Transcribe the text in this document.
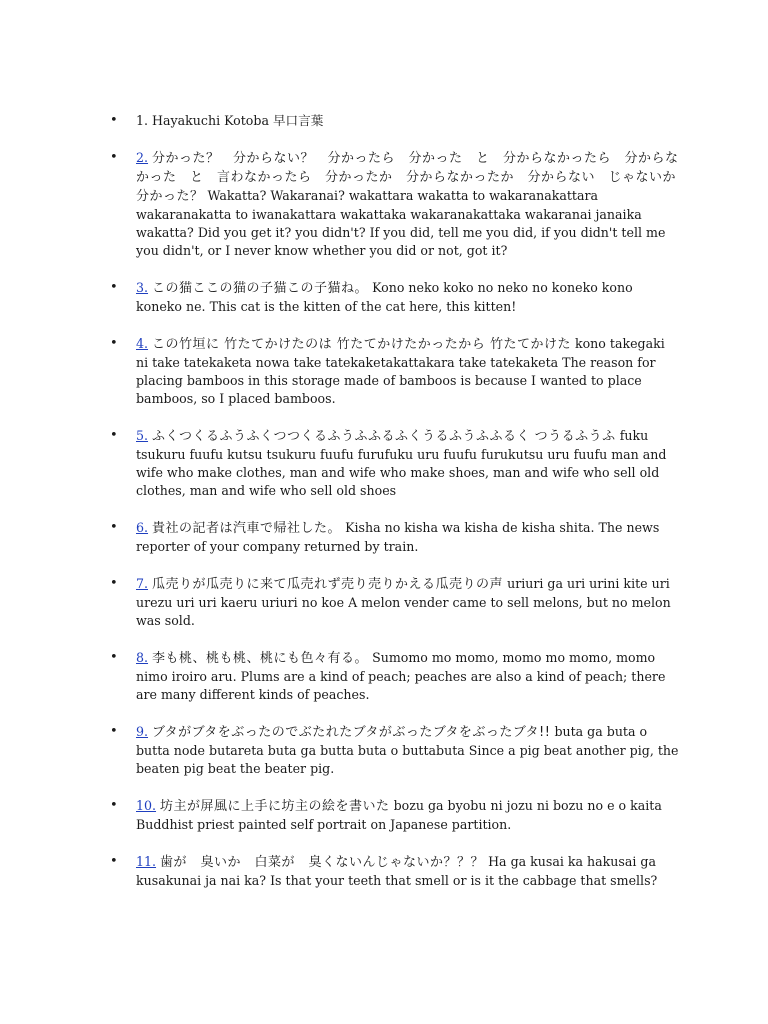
• 1. Hayakuchi Kotoba 早口言葉
• 2. 分かった？　分からない？　分かったら　分かった　と　分からなかったら　分からなかった　と　言わなかったら　分かったか　分からなかったか　分からない　じゃないか　分かった？ Wakatta? Wakaranai? wakattara wakatta to wakaranakattara wakaranakatta to iwanakattara wakattaka wakaranakattaka wakaranai janaika wakatta? Did you get it? you didn't? If you did, tell me you did, if you didn't tell me you didn't, or I never know whether you did or not, got it?
• 3. この猫ここの猫の子猫この子猫ね。 Kono neko koko no neko no koneko kono koneko ne. This cat is the kitten of the cat here, this kitten!
• 4. この竹垣に 竹たてかけたのは 竹たてかけたかったから 竹たてかけた kono takegaki ni take tatekaketa nowa take tatekaketakattakara take tatekaketa The reason for placing bamboos in this storage made of bamboos is because I wanted to place bamboos, so I placed bamboos.
• 5. ふくつくるふうふくつつくるふうふふるふくうるふうふふるく つうるふうふ fuku tsukuru fuufu kutsu tsukuru fuufu furufuku uru fuufu furukutsu uru fuufu man and wife who make clothes, man and wife who make shoes, man and wife who sell old clothes, man and wife who sell old shoes
• 6. 貴社の記者は汽車で帰社した。 Kisha no kisha wa kisha de kisha shita. The news reporter of your company returned by train.
• 7. 瓜売りが瓜売りに来て瓜売れず売り売りかえる瓜売りの声 uriuri ga uri urini kite uri urezu uri uri kaeru uriuri no koe A melon vender came to sell melons, but no melon was sold.
• 8. 李も桃、桃も桃、桃にも色々有る。 Sumomo mo momo, momo mo momo, momo nimo iroiro aru. Plums are a kind of peach; peaches are also a kind of peach; there are many different kinds of peaches.
• 9. ブタがブタをぶったのでぶたれたブタがぶったブタをぶったブタ!! buta ga buta o butta node butareta buta ga butta buta o buttabuta Since a pig beat another pig, the beaten pig beat the beater pig.
• 10. 坊主が屏風に上手に坊主の絵を書いた bozu ga byobu ni jozu ni bozu no e o kaita Buddhist priest painted self portrait on Japanese partition.
• 11. 歯が　臭いか　白菜が　臭くないんじゃないか？？？ Ha ga kusai ka hakusai ga kusakunai ja nai ka? Is that your teeth that smell or is it the cabbage that smells?
